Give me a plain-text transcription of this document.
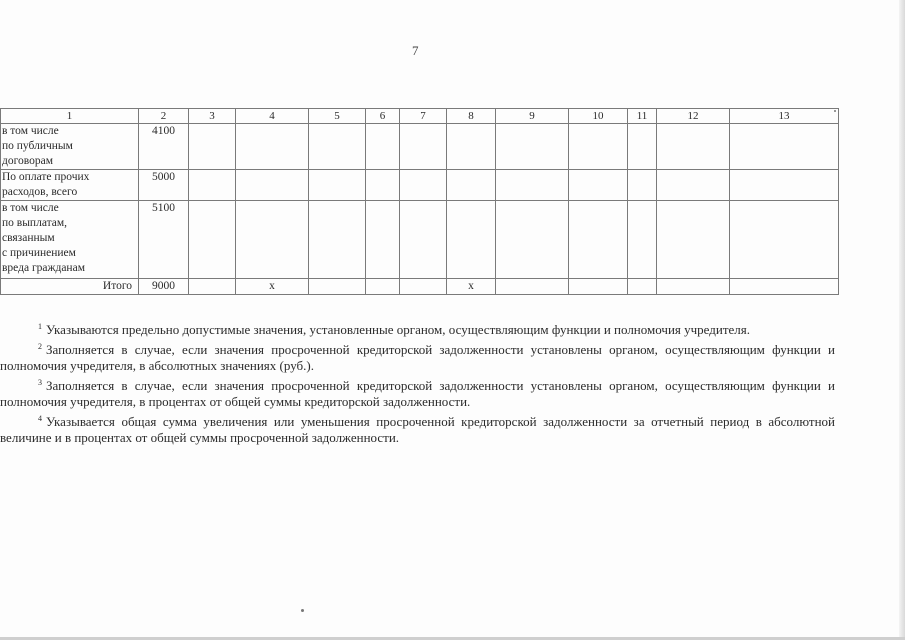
7
1	2	3	4	5	6	7	8	9	10	11	12	13

в том числе
по публичным
договорам	4100											

По оплате прочих
расходов, всего	5000											

в том числе
по выплатам,
связанным
с причинением
вреда гражданам	5100											

Итого	9000		x				x					

$^1$ Указываются предельно допустимые значения, установленные органом, осуществляющим функции и полномочия учредителя.

$^2$ Заполняется в случае, если значения просроченной кредиторской задолженности установлены органом, осуществляющим функции и полномочия учредителя, в абсолютных значениях (руб.).

$^3$ Заполняется в случае, если значения просроченной кредиторской задолженности установлены органом, осуществляющим функции и полномочия учредителя, в процентах от общей суммы кредиторской задолженности.

$^4$ Указывается общая сумма увеличения или уменьшения просроченной кредиторской задолженности за отчетный период в абсолютной величине и в процентах от общей суммы просроченной задолженности.
